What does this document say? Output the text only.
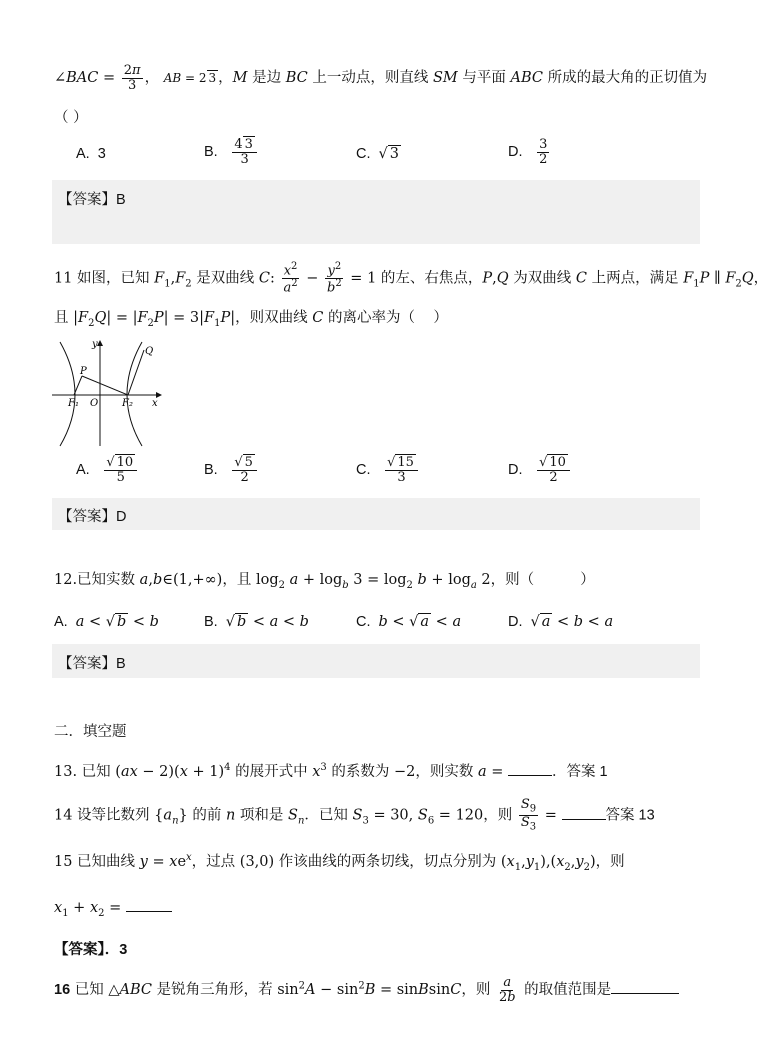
∠BAC = $\frac{2\pi}{3}$ ， AB = 2 3 ，M 是边 BC 上一动点，则直线 SM 与平面 ABC 所成的最大角的正切值为
（ ）
A. 3	B. $\frac{4 3}{3}$	C. √ 3	D. $\frac{3}{2}$
【答案】B
11 如图，已知 $F_1,F_2$ 是双曲线 C: $\frac{x^2}{a^2} - \frac{y^2}{b^2} = 1$ 的左、右焦点，P,Q 为双曲线 C 上两点，满足 $F_1P$ ∥ $F_2Q$，
且 $|F_2Q| = |F_2P| = 3|F_1P|$，则双曲线 C 的离心率为（    ）
y
x
O
P
Q
F₁	F₂
A. $\frac{√ 10}{5}$	B. $\frac{√ 5}{2}$	C. $\frac{√ 15}{3}$	D. $\frac{√ 10}{2}$
【答案】D
12.已知实数 a,b∈(1,+∞)，且 $\log_2 a + \log_b 3 = \log_2 b + \log_a 2$，则（          ）
A. a < √ b < b	B. √ b < a < b	C. b < √ a < a	D. √ a < b < a
【答案】B
二．填空题
13. 已知 $(ax - 2)(x + 1)^4$ 的展开式中 $x^3$ 的系数为 −2，则实数 a =	．答案 1
14 设等比数列 $\{a_n\}$ 的前 n 项和是 $S_n$．已知 $S_3 = 30$, $S_6 = 120$，则 $\frac{S_9}{S_3}$ =	答案 13
15 已知曲线 $y = xe^x$，过点 (3,0) 作该曲线的两条切线，切点分别为 $(x_1,y_1),(x_2,y_2)$，则
$x_1 + x_2$ =
【答案】．3
16 已知 △ABC 是锐角三角形，若 $\sin^2A - \sin^2B$ = sinBsinC，则 $\frac{a}{2b}$ 的取值范围是
